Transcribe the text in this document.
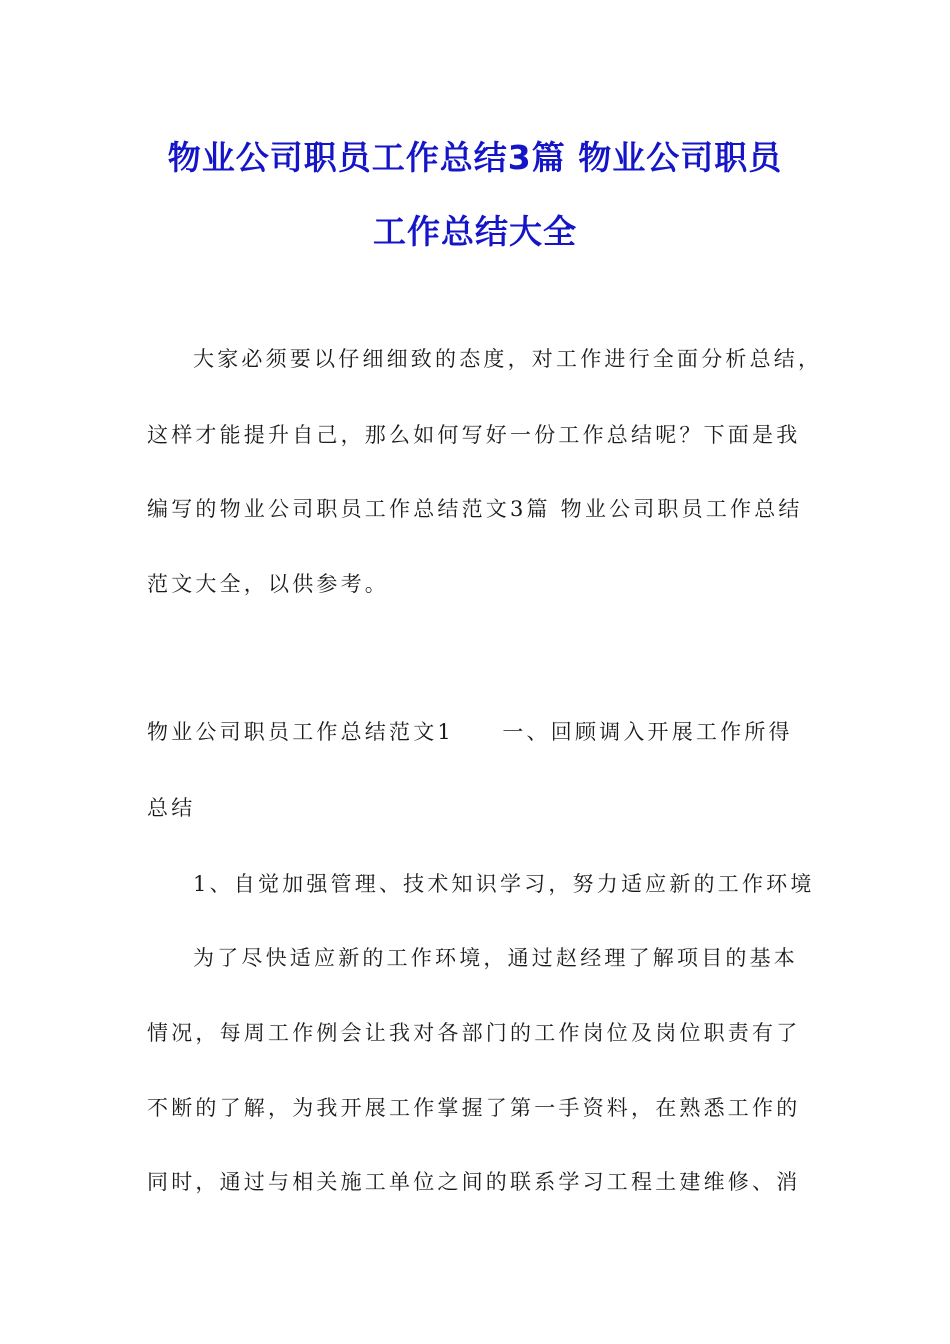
物业公司职员工作总结3篇 物业公司职员
工作总结大全
大家必须要以仔细细致的态度，对工作进行全面分析总结，
这样才能提升自己，那么如何写好一份工作总结呢？下面是我
编写的物业公司职员工作总结范文3篇 物业公司职员工作总结
范文大全，以供参考。
物业公司职员工作总结范文1　　一、回顾调入开展工作所得
总结
1、自觉加强管理、技术知识学习，努力适应新的工作环境
为了尽快适应新的工作环境，通过赵经理了解项目的基本
情况，每周工作例会让我对各部门的工作岗位及岗位职责有了
不断的了解，为我开展工作掌握了第一手资料，在熟悉工作的
同时，通过与相关施工单位之间的联系学习工程土建维修、消
